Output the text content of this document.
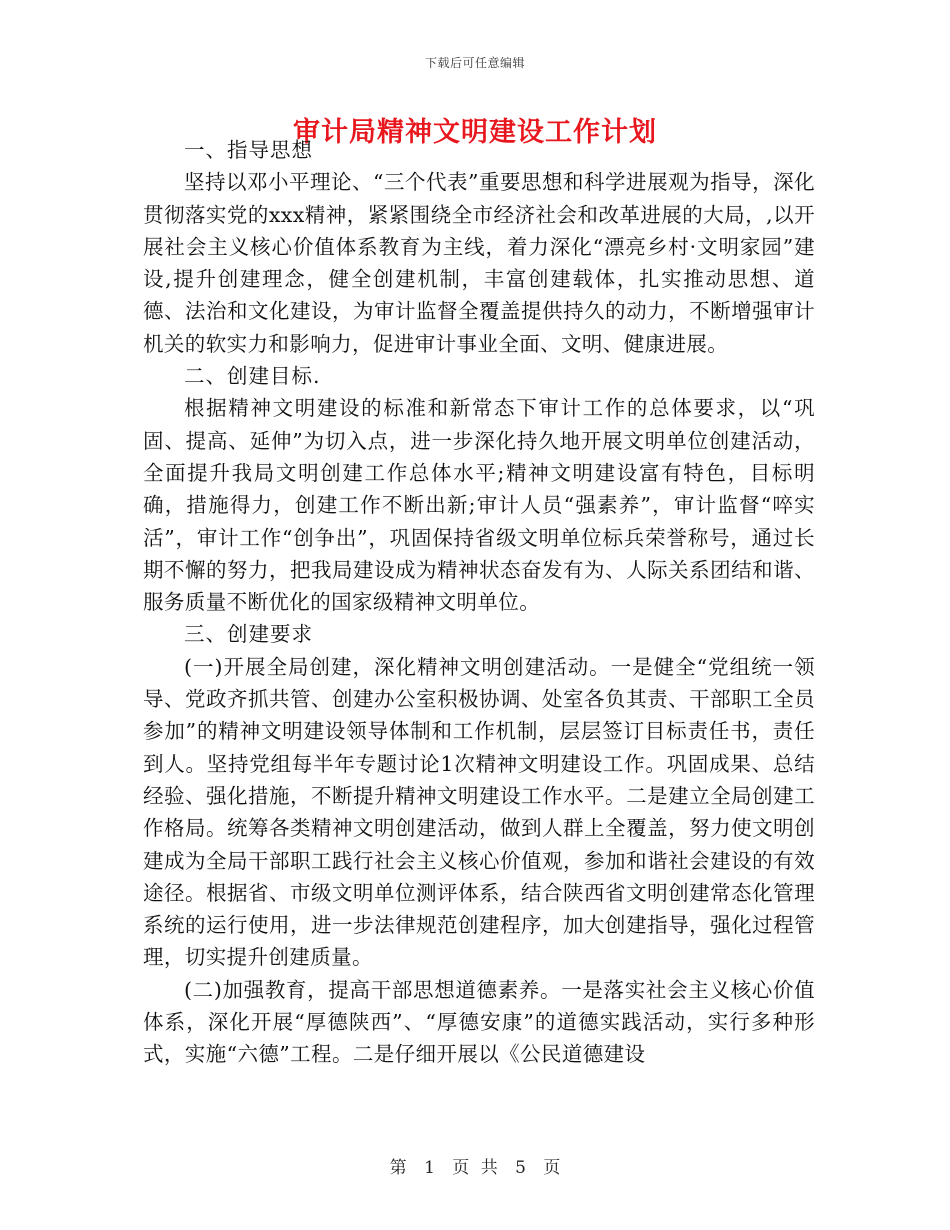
下载后可任意编辑
审计局精神文明建设工作计划

一、指导思想

坚持以邓小平理论、“三个代表”重要思想和科学进展观为指导，深化贯彻落实党的xxx精神，紧紧围绕全市经济社会和改革进展的大局，,以开展社会主义核心价值体系教育为主线，着力深化“漂亮乡村·文明家园”建设,提升创建理念，健全创建机制，丰富创建载体，扎实推动思想、道德、法治和文化建设，为审计监督全覆盖提供持久的动力，不断增强审计机关的软实力和影响力，促进审计事业全面、文明、健康进展。

二、创建目标.

根据精神文明建设的标准和新常态下审计工作的总体要求，以“巩固、提高、延伸”为切入点，进一步深化持久地开展文明单位创建活动，全面提升我局文明创建工作总体水平;精神文明建设富有特色，目标明确，措施得力，创建工作不断出新;审计人员“强素养”，审计监督“啐实活”，审计工作“创争出”，巩固保持省级文明单位标兵荣誉称号，通过长期不懈的努力，把我局建设成为精神状态奋发有为、人际关系团结和谐、服务质量不断优化的国家级精神文明单位。

三、创建要求

(一)开展全局创建，深化精神文明创建活动。一是健全“党组统一领导、党政齐抓共管、创建办公室积极协调、处室各负其责、干部职工全员参加”的精神文明建设领导体制和工作机制，层层签订目标责任书，责任到人。坚持党组每半年专题讨论1次精神文明建设工作。巩固成果、总结经验、强化措施，不断提升精神文明建设工作水平。二是建立全局创建工作格局。统筹各类精神文明创建活动，做到人群上全覆盖，努力使文明创建成为全局干部职工践行社会主义核心价值观，参加和谐社会建设的有效途径。根据省、市级文明单位测评体系，结合陕西省文明创建常态化管理系统的运行使用，进一步法律规范创建程序，加大创建指导，强化过程管理，切实提升创建质量。

(二)加强教育，提高干部思想道德素养。一是落实社会主义核心价值体系，深化开展“厚德陕西”、“厚德安康”的道德实践活动，实行多种形式，实施“六德”工程。二是仔细开展以《公民道德建设

第 1 页 共 5 页
